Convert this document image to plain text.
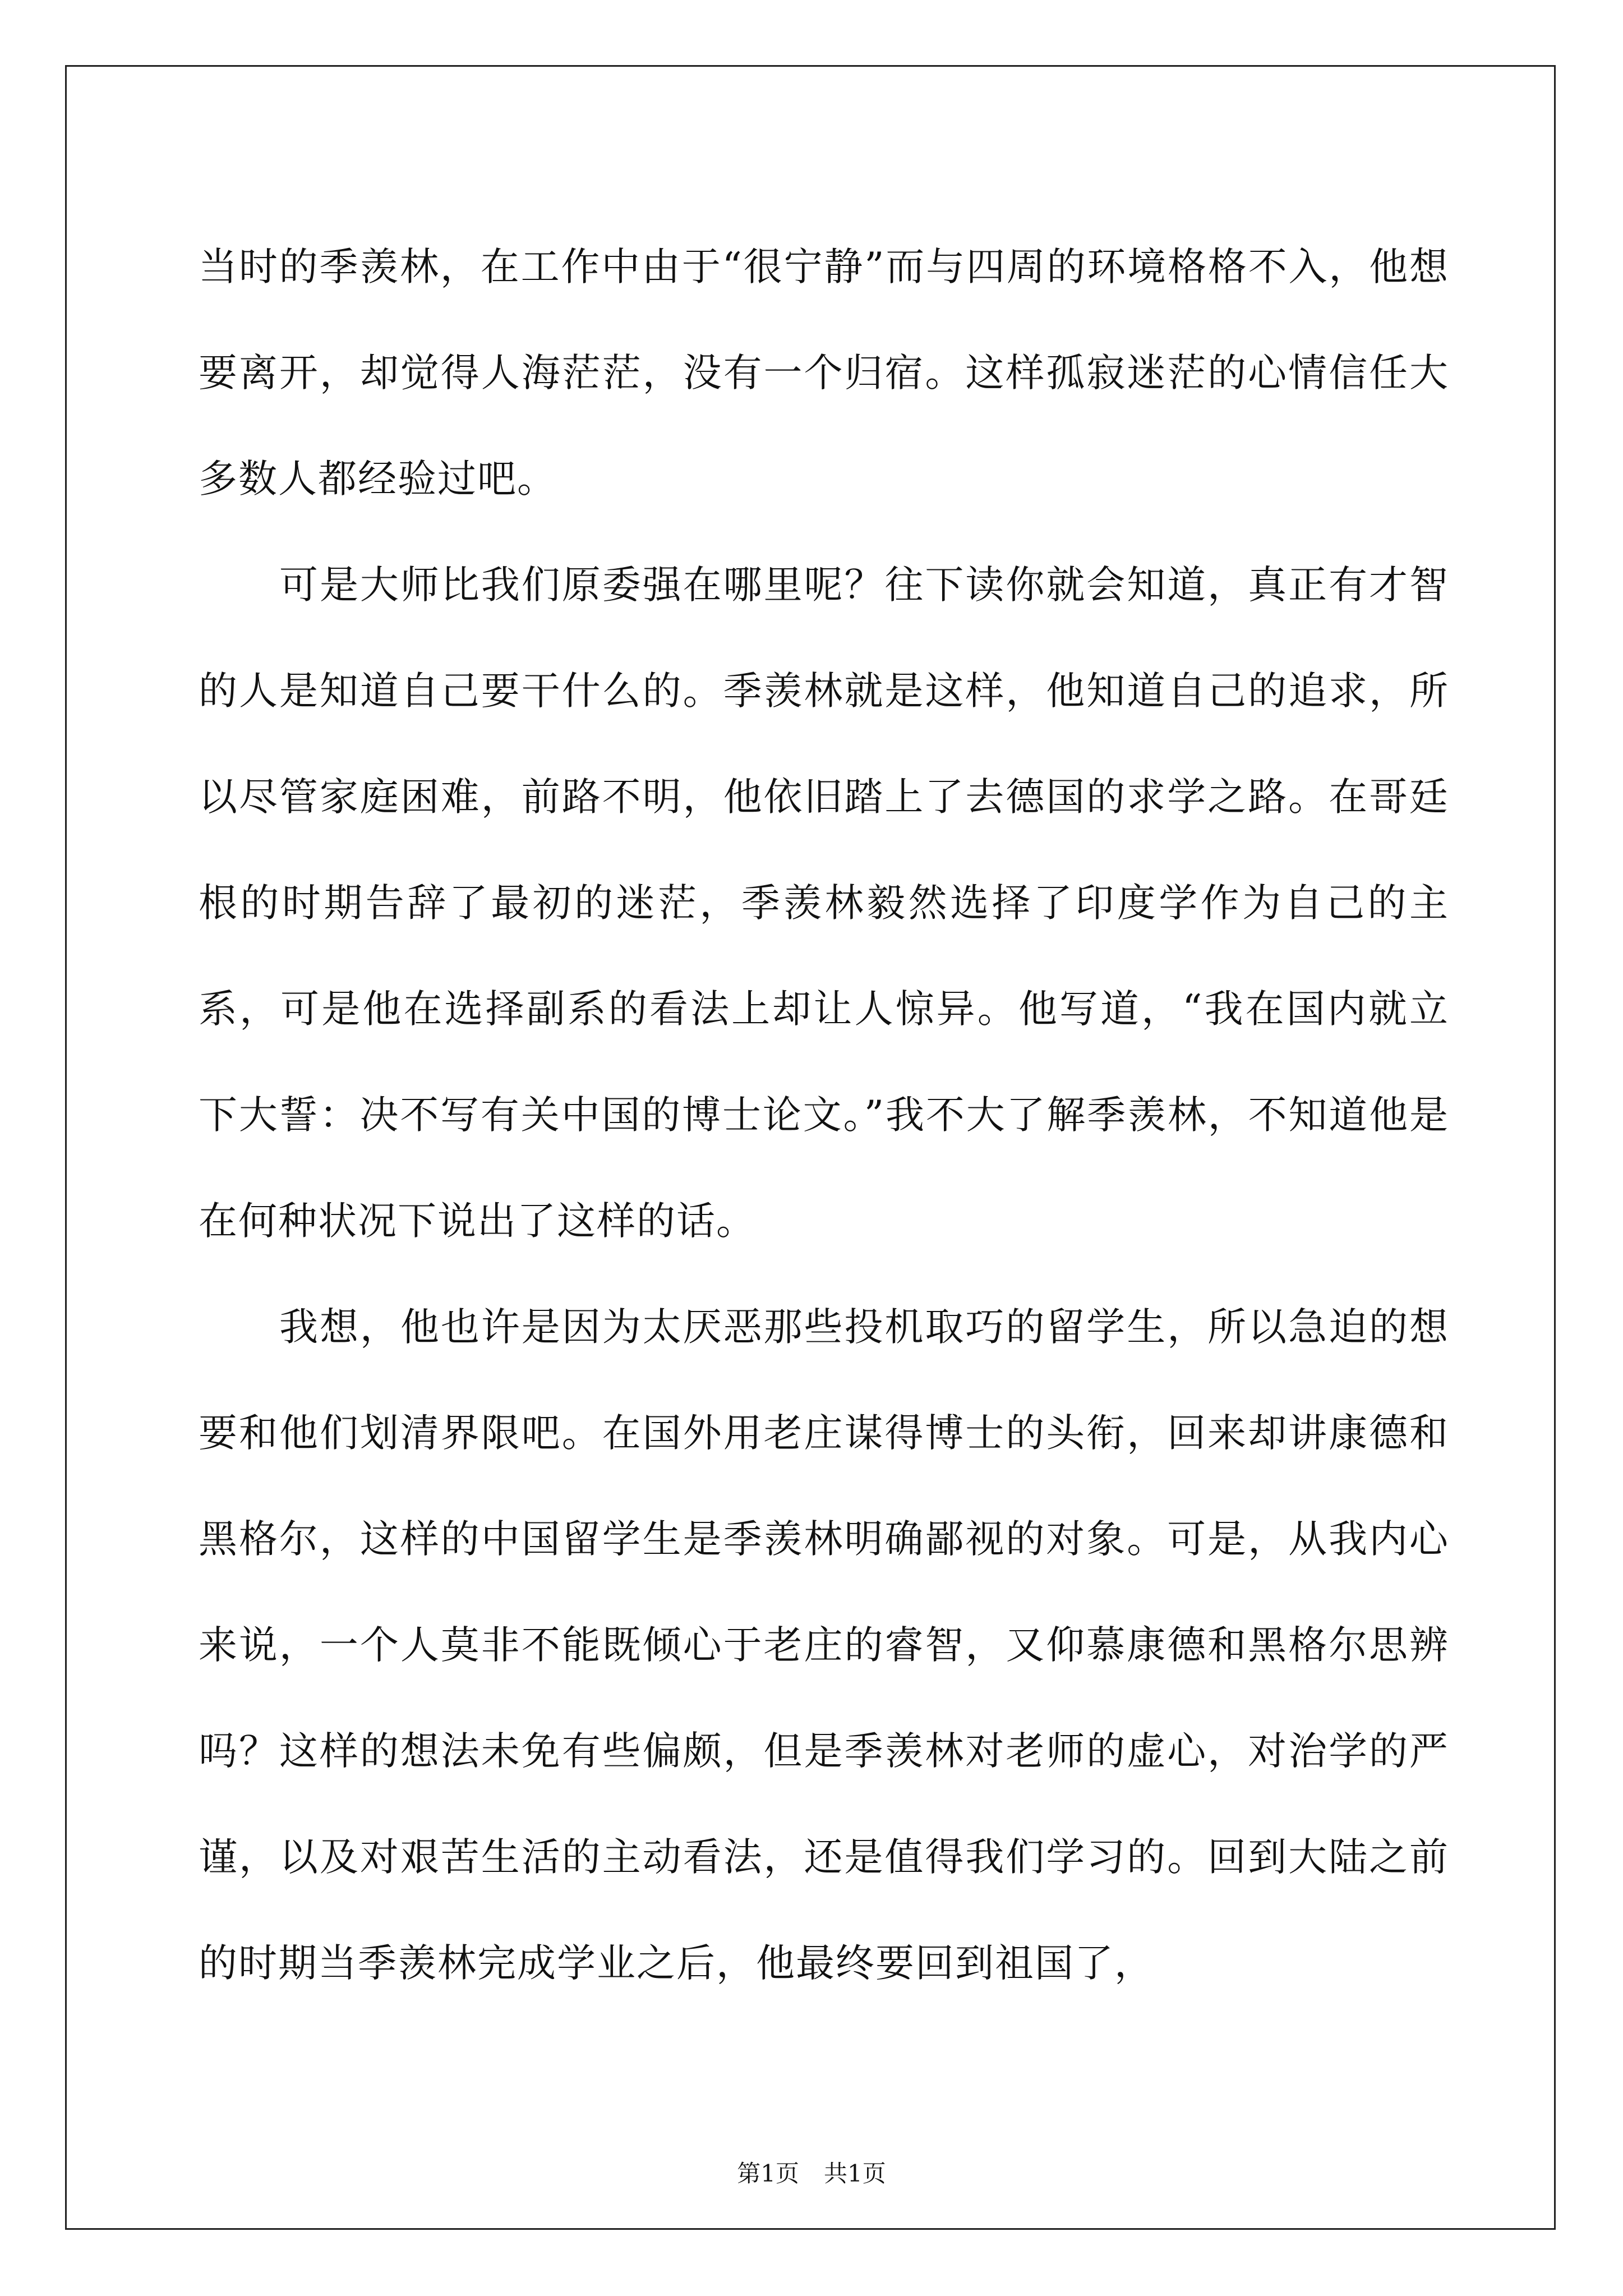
当时的季羡林，在工作中由于“很宁静”而与四周的环境格格不入，他想要离开，却觉得人海茫茫，没有一个归宿。这样孤寂迷茫的心情信任大多数人都经验过吧。

可是大师比我们原委强在哪里呢？往下读你就会知道，真正有才智的人是知道自己要干什么的。季羡林就是这样，他知道自己的追求，所以尽管家庭困难，前路不明，他依旧踏上了去德国的求学之路。在哥廷根的时期告辞了最初的迷茫，季羡林毅然选择了印度学作为自己的主系，可是他在选择副系的看法上却让人惊异。他写道，“我在国内就立下大誓：决不写有关中国的博士论文。”我不大了解季羡林，不知道他是在何种状况下说出了这样的话。

我想，他也许是因为太厌恶那些投机取巧的留学生，所以急迫的想要和他们划清界限吧。在国外用老庄谋得博士的头衔，回来却讲康德和黑格尔，这样的中国留学生是季羡林明确鄙视的对象。可是，从我内心来说，一个人莫非不能既倾心于老庄的睿智，又仰慕康德和黑格尔思辨吗？这样的想法未免有些偏颇，但是季羡林对老师的虚心，对治学的严谨，以及对艰苦生活的主动看法，还是值得我们学习的。回到大陆之前的时期当季羡林完成学业之后，他最终要回到祖国了，

第1页 共1页
